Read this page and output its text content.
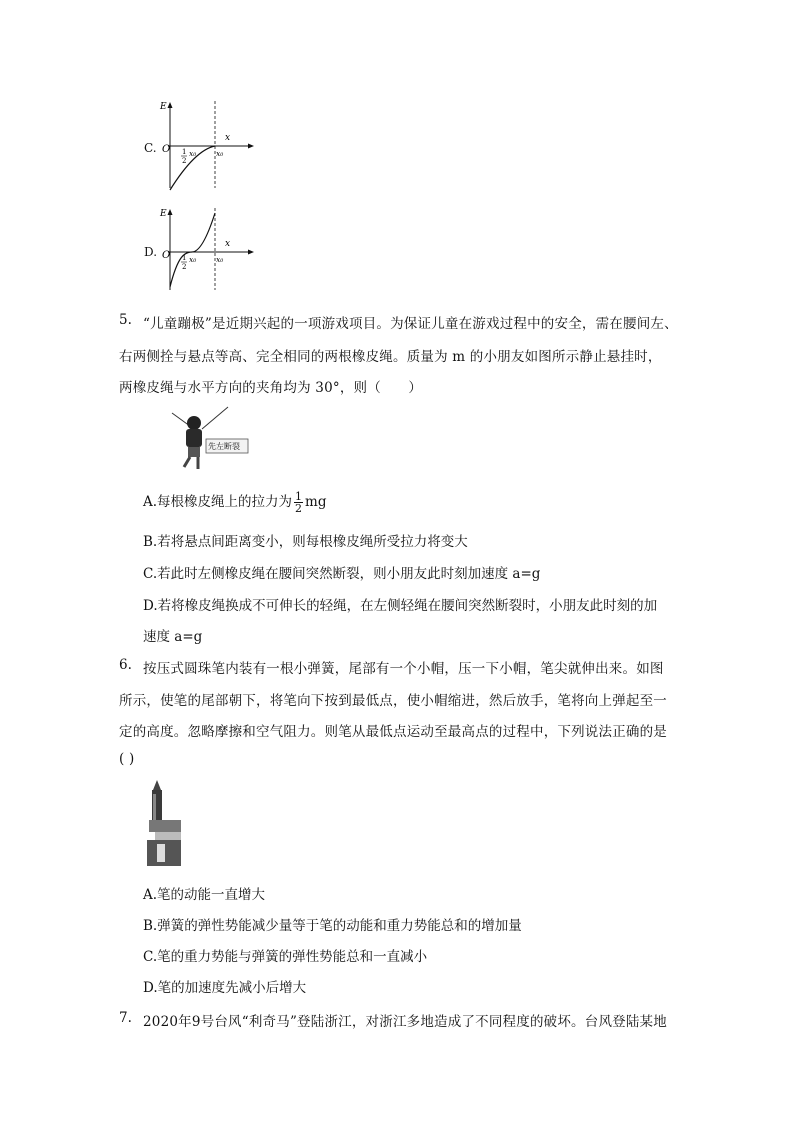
C.
E
O
x
1
2
x₀	x₀
D.
E
O
x
1
2
x₀	x₀
5. “儿童蹦极”是近期兴起的一项游戏项目。为保证儿童在游戏过程中的安全，需在腰间左、
右两侧拴与悬点等高、完全相同的两根橡皮绳。质量为 m 的小朋友如图所示静止悬挂时，
两橡皮绳与水平方向的夹角均为 30°，则（　　）
先左断裂
A.每根橡皮绳上的拉力为 $\frac{1}{2}$ mg
B.若将悬点间距离变小，则每根橡皮绳所受拉力将变大
C.若此时左侧橡皮绳在腰间突然断裂，则小朋友此时刻加速度 a=g
D.若将橡皮绳换成不可伸长的轻绳，在左侧轻绳在腰间突然断裂时，小朋友此时刻的加
速度 a=g
6. 按压式圆珠笔内装有一根小弹簧，尾部有一个小帽，压一下小帽，笔尖就伸出来。如图
所示，使笔的尾部朝下，将笔向下按到最低点，使小帽缩进，然后放手，笔将向上弹起至一
定的高度。忽略摩擦和空气阻力。则笔从最低点运动至最高点的过程中，下列说法正确的是
( )
A.笔的动能一直增大
B.弹簧的弹性势能减少量等于笔的动能和重力势能总和的增加量
C.笔的重力势能与弹簧的弹性势能总和一直减小
D.笔的加速度先减小后增大
7. 2020年9号台风“利奇马”登陆浙江，对浙江多地造成了不同程度的破坏。台风登陆某地
